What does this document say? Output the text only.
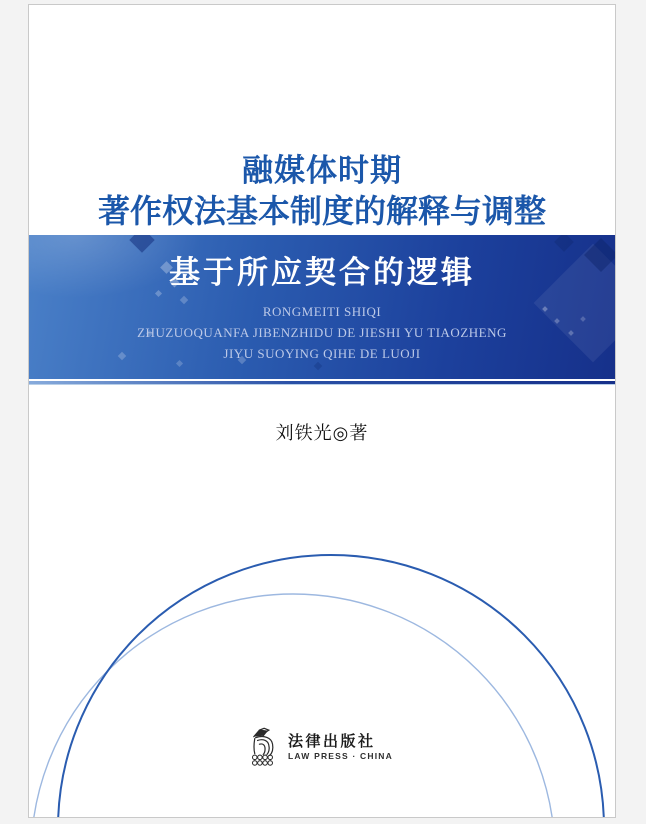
融媒体时期
著作权法基本制度的解释与调整
基于所应契合的逻辑
RONGMEITI SHIQI
ZHUZUOQUANFA JIBENZHIDU DE JIESHI YU TIAOZHENG
JIYU SUOYING QIHE DE LUOJI
刘铁光◎著
法律出版社
LAW PRESS · CHINA
